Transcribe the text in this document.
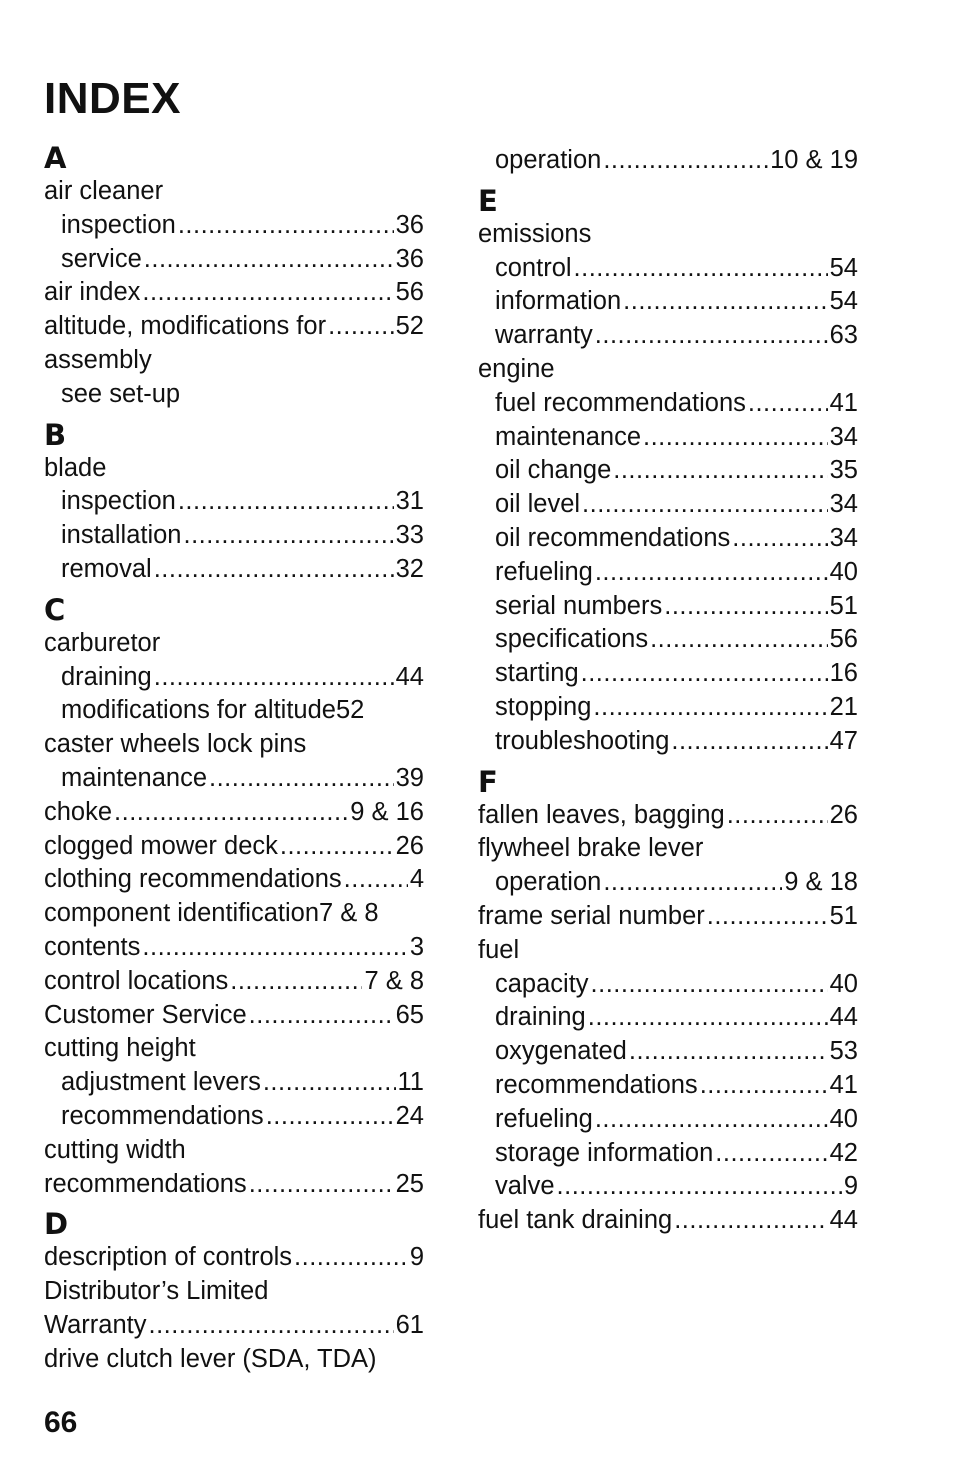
INDEX
A
air cleaner
inspection .....	36
service .....	36
air index .....	56
altitude, modifications for .....	52
assembly
see set-up
B
blade
inspection .....	31
installation .....	33
removal .....	32
C
carburetor
draining .....	44
modifications for altitude 52
caster wheels lock pins
maintenance .....	39
choke .....	9 & 16
clogged mower deck .....	26
clothing recommendations .....	4
component identification 7 & 8
contents .....	3
control locations .....	7 & 8
Customer Service .....	65
cutting height
adjustment levers .....	11
recommendations .....	24
cutting width
recommendations .....	25
D
description of controls .....	9
Distributor’s Limited
Warranty .....	61
drive clutch lever (SDA, TDA)
operation .....	10 & 19
E
emissions
control .....	54
information .....	54
warranty .....	63
engine
fuel recommendations .....	41
maintenance .....	34
oil change .....	35
oil level .....	34
oil recommendations .....	34
refueling .....	40
serial numbers .....	51
specifications .....	56
starting .....	16
stopping .....	21
troubleshooting .....	47
F
fallen leaves, bagging .....	26
flywheel brake lever
operation .....	9 & 18
frame serial number .....	51
fuel
capacity .....	40
draining .....	44
oxygenated .....	53
recommendations .....	41
refueling .....	40
storage information .....	42
valve .....	9
fuel tank draining .....	44
66
